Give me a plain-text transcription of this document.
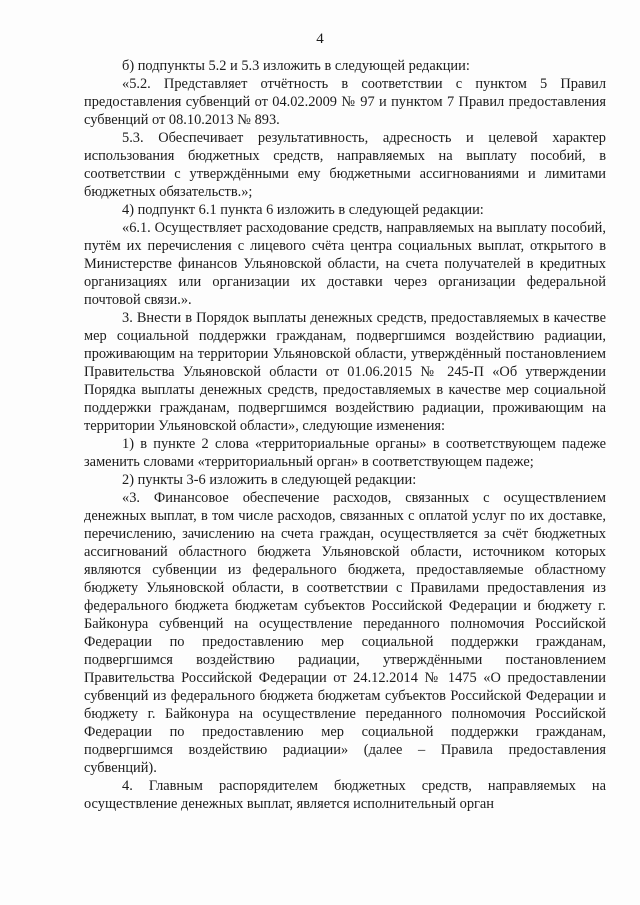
4

б) подпункты 5.2 и 5.3 изложить в следующей редакции:

«5.2. Представляет отчётность в соответствии с пунктом 5 Правил предоставления субвенций от 04.02.2009 № 97 и пунктом 7 Правил предоставления субвенций от 08.10.2013 № 893.

5.3. Обеспечивает результативность, адресность и целевой характер использования бюджетных средств, направляемых на выплату пособий, в соответствии с утверждёнными ему бюджетными ассигнованиями и лимитами бюджетных обязательств.»;

4) подпункт 6.1 пункта 6 изложить в следующей редакции:

«6.1. Осуществляет расходование средств, направляемых на выплату пособий, путём их перечисления с лицевого счёта центра социальных выплат, открытого в Министерстве финансов Ульяновской области, на счета получателей в кредитных организациях или организации их доставки через организации федеральной почтовой связи.».

3. Внести в Порядок выплаты денежных средств, предоставляемых в качестве мер социальной поддержки гражданам, подвергшимся воздействию радиации, проживающим на территории Ульяновской области, утверждённый постановлением Правительства Ульяновской области от 01.06.2015 № 245-П «Об утверждении Порядка выплаты денежных средств, предоставляемых в качестве мер социальной поддержки гражданам, подвергшимся воздействию радиации, проживающим на территории Ульяновской области», следующие изменения:

1) в пункте 2 слова «территориальные органы» в соответствующем падеже заменить словами «территориальный орган» в соответствующем падеже;

2) пункты 3-6 изложить в следующей редакции:

«3. Финансовое обеспечение расходов, связанных с осуществлением денежных выплат, в том числе расходов, связанных с оплатой услуг по их доставке, перечислению, зачислению на счета граждан, осуществляется за счёт бюджетных ассигнований областного бюджета Ульяновской области, источником которых являются субвенции из федерального бюджета, предоставляемые областному бюджету Ульяновской области, в соответствии с Правилами предоставления из федерального бюджета бюджетам субъектов Российской Федерации и бюджету г. Байконура субвенций на осуществление переданного полномочия Российской Федерации по предоставлению мер социальной поддержки гражданам, подвергшимся воздействию радиации, утверждёнными постановлением Правительства Российской Федерации от 24.12.2014 № 1475 «О предоставлении субвенций из федерального бюджета бюджетам субъектов Российской Федерации и бюджету г. Байконура на осуществление переданного полномочия Российской Федерации по предоставлению мер социальной поддержки гражданам, подвергшимся воздействию радиации» (далее – Правила предоставления субвенций).

4. Главным распорядителем бюджетных средств, направляемых на осуществление денежных выплат, является исполнительный орган
